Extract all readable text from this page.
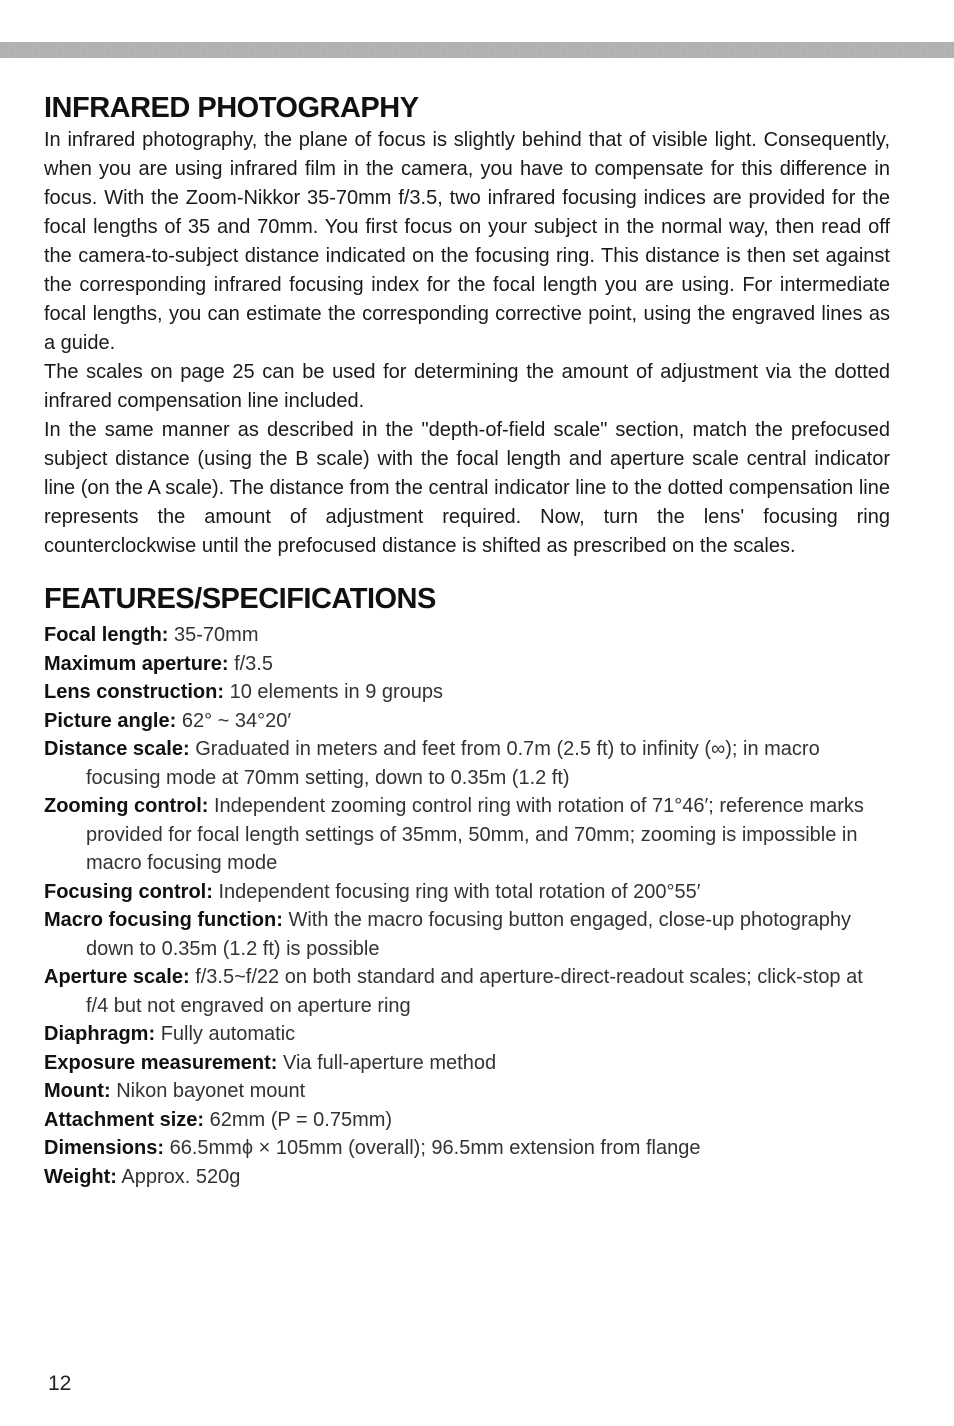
INFRARED PHOTOGRAPHY

In infrared photography, the plane of focus is slightly behind that of visible light. Consequently, when you are using infrared film in the camera, you have to compensate for this difference in focus. With the Zoom-Nikkor 35-70mm f/3.5, two infrared focusing indices are provided for the focal lengths of 35 and 70mm. You first focus on your subject in the normal way, then read off the camera-to-subject distance indicated on the focusing ring. This distance is then set against the corresponding infrared focusing index for the focal length you are using. For intermediate focal lengths, you can estimate the corresponding corrective point, using the engraved lines as a guide.

The scales on page 25 can be used for determining the amount of adjustment via the dotted infrared compensation line included.

In the same manner as described in the "depth-of-field scale" section, match the prefocused subject distance (using the B scale) with the focal length and aperture scale central indicator line (on the A scale). The distance from the central indicator line to the dotted compensation line represents the amount of adjustment required. Now, turn the lens' focusing ring counterclockwise until the prefocused distance is shifted as prescribed on the scales.

FEATURES/SPECIFICATIONS

Focal length: 35-70mm

Maximum aperture: f/3.5

Lens construction: 10 elements in 9 groups

Picture angle: 62° ~ 34°20′

Distance scale: Graduated in meters and feet from 0.7m (2.5 ft) to infinity (∞); in macro focusing mode at 70mm setting, down to 0.35m (1.2 ft)

Zooming control: Independent zooming control ring with rotation of 71°46′; reference marks provided for focal length settings of 35mm, 50mm, and 70mm; zooming is impossible in macro focusing mode

Focusing control: Independent focusing ring with total rotation of 200°55′

Macro focusing function: With the macro focusing button engaged, close-up photography down to 0.35m (1.2 ft) is possible

Aperture scale: f/3.5~f/22 on both standard and aperture-direct-readout scales; click-stop at f/4 but not engraved on aperture ring

Diaphragm: Fully automatic

Exposure measurement: Via full-aperture method

Mount: Nikon bayonet mount

Attachment size: 62mm (P = 0.75mm)

Dimensions: 66.5mmϕ × 105mm (overall); 96.5mm extension from flange

Weight: Approx. 520g

12
